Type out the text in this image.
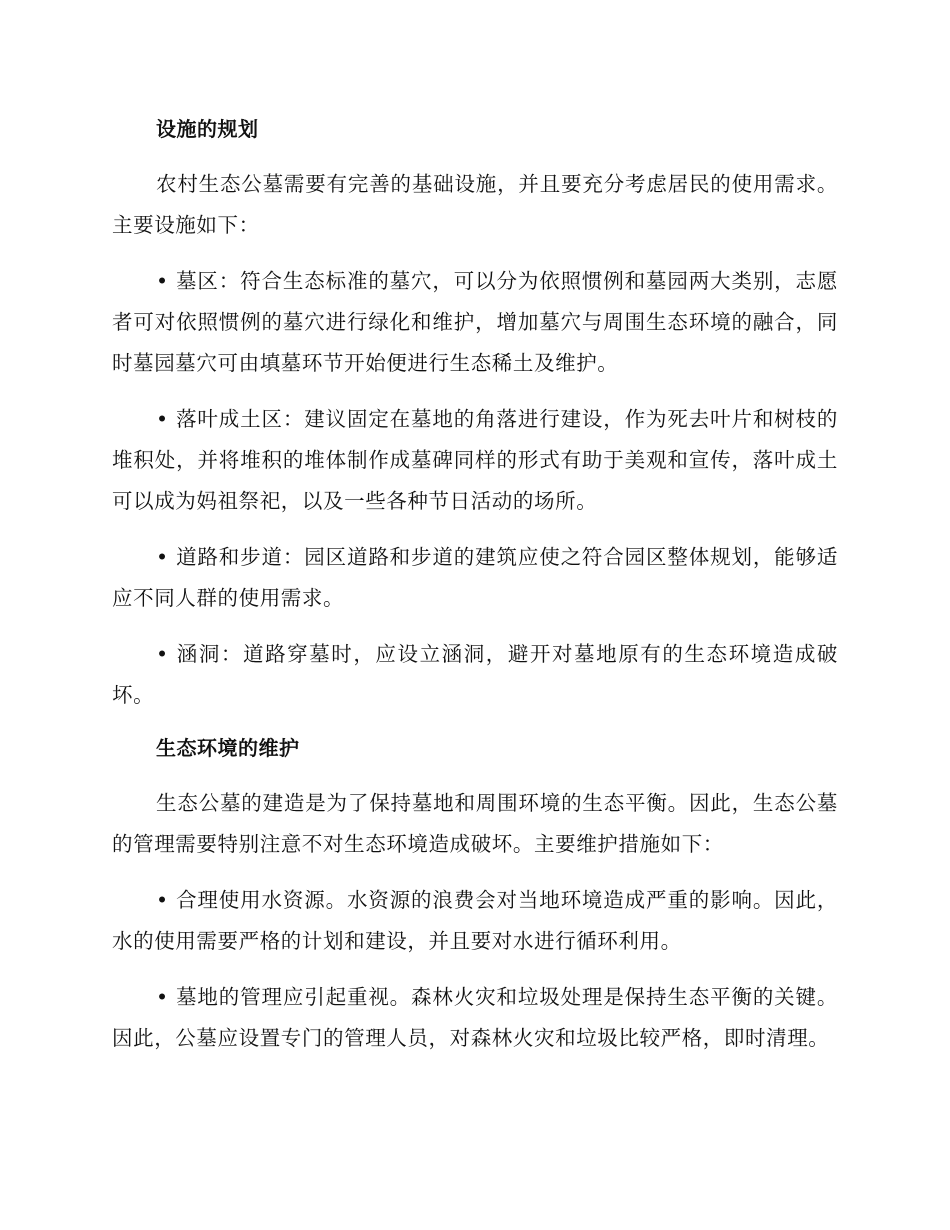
设施的规划

农村生态公墓需要有完善的基础设施，并且要充分考虑居民的使用需求。主要设施如下：

• 墓区：符合生态标准的墓穴，可以分为依照惯例和墓园两大类别，志愿者可对依照惯例的墓穴进行绿化和维护，增加墓穴与周围生态环境的融合，同时墓园墓穴可由填墓环节开始便进行生态稀土及维护。

• 落叶成土区：建议固定在墓地的角落进行建设，作为死去叶片和树枝的堆积处，并将堆积的堆体制作成墓碑同样的形式有助于美观和宣传，落叶成土可以成为妈祖祭祀，以及一些各种节日活动的场所。

• 道路和步道：园区道路和步道的建筑应使之符合园区整体规划，能够适应不同人群的使用需求。

• 涵洞：道路穿墓时，应设立涵洞，避开对墓地原有的生态环境造成破坏。

生态环境的维护

生态公墓的建造是为了保持墓地和周围环境的生态平衡。因此，生态公墓的管理需要特别注意不对生态环境造成破坏。主要维护措施如下：

• 合理使用水资源。水资源的浪费会对当地环境造成严重的影响。因此，水的使用需要严格的计划和建设，并且要对水进行循环利用。

• 墓地的管理应引起重视。森林火灾和垃圾处理是保持生态平衡的关键。因此，公墓应设置专门的管理人员，对森林火灾和垃圾比较严格，即时清理。
